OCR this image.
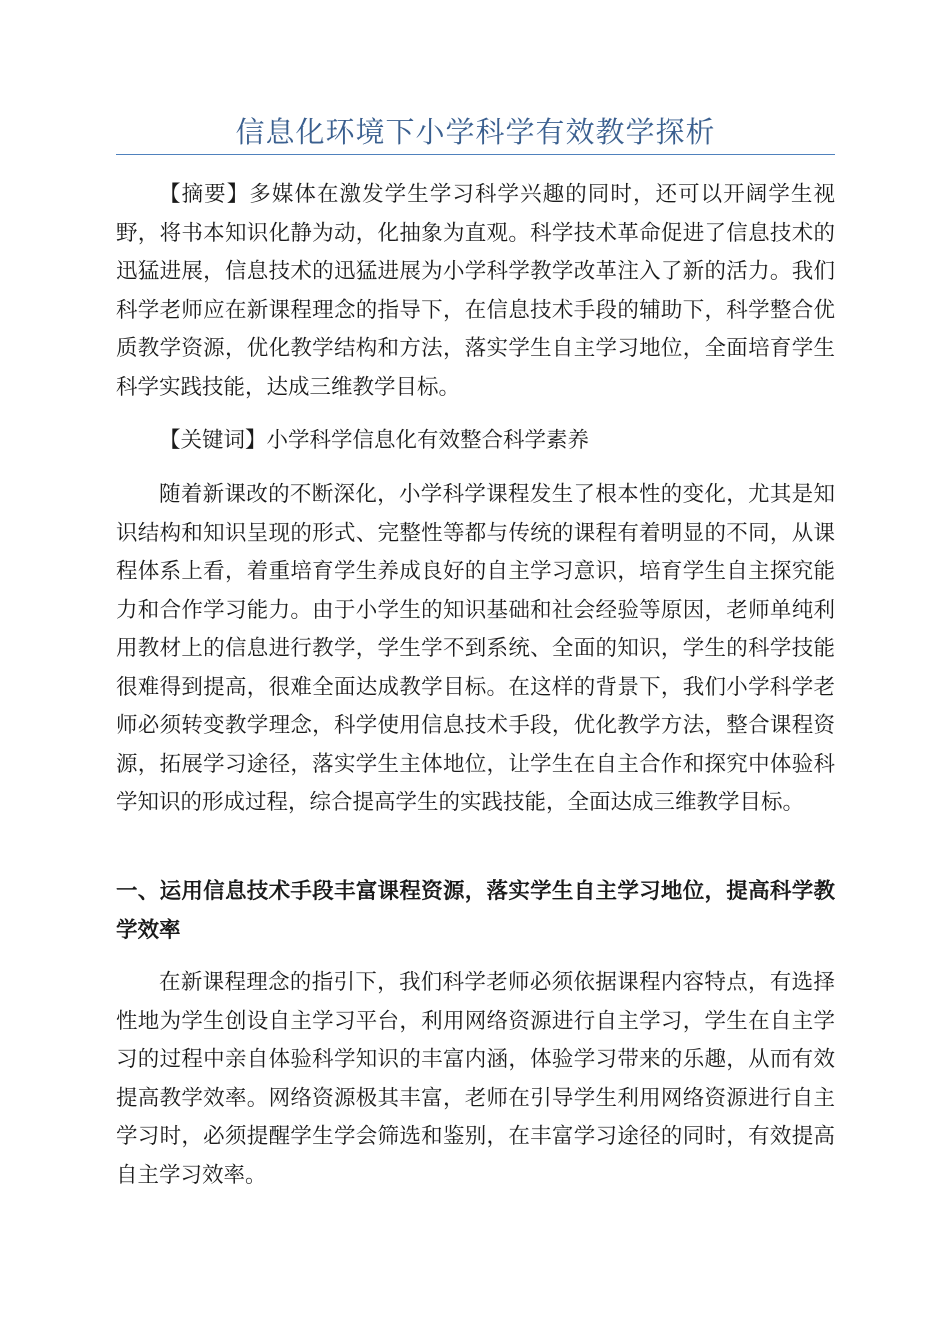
信息化环境下小学科学有效教学探析

【摘要】多媒体在激发学生学习科学兴趣的同时，还可以开阔学生视野，将书本知识化静为动，化抽象为直观。科学技术革命促进了信息技术的迅猛进展，信息技术的迅猛进展为小学科学教学改革注入了新的活力。我们科学老师应在新课程理念的指导下，在信息技术手段的辅助下，科学整合优质教学资源，优化教学结构和方法，落实学生自主学习地位，全面培育学生科学实践技能，达成三维教学目标。

【关键词】小学科学信息化有效整合科学素养

随着新课改的不断深化，小学科学课程发生了根本性的变化，尤其是知识结构和知识呈现的形式、完整性等都与传统的课程有着明显的不同，从课程体系上看，着重培育学生养成良好的自主学习意识，培育学生自主探究能力和合作学习能力。由于小学生的知识基础和社会经验等原因，老师单纯利用教材上的信息进行教学，学生学不到系统、全面的知识，学生的科学技能很难得到提高，很难全面达成教学目标。在这样的背景下，我们小学科学老师必须转变教学理念，科学使用信息技术手段，优化教学方法，整合课程资源，拓展学习途径，落实学生主体地位，让学生在自主合作和探究中体验科学知识的形成过程，综合提高学生的实践技能，全面达成三维教学目标。

一、运用信息技术手段丰富课程资源，落实学生自主学习地位，提高科学教学效率

在新课程理念的指引下，我们科学老师必须依据课程内容特点，有选择性地为学生创设自主学习平台，利用网络资源进行自主学习，学生在自主学习的过程中亲自体验科学知识的丰富内涵，体验学习带来的乐趣，从而有效提高教学效率。网络资源极其丰富，老师在引导学生利用网络资源进行自主学习时，必须提醒学生学会筛选和鉴别，在丰富学习途径的同时，有效提高自主学习效率。
